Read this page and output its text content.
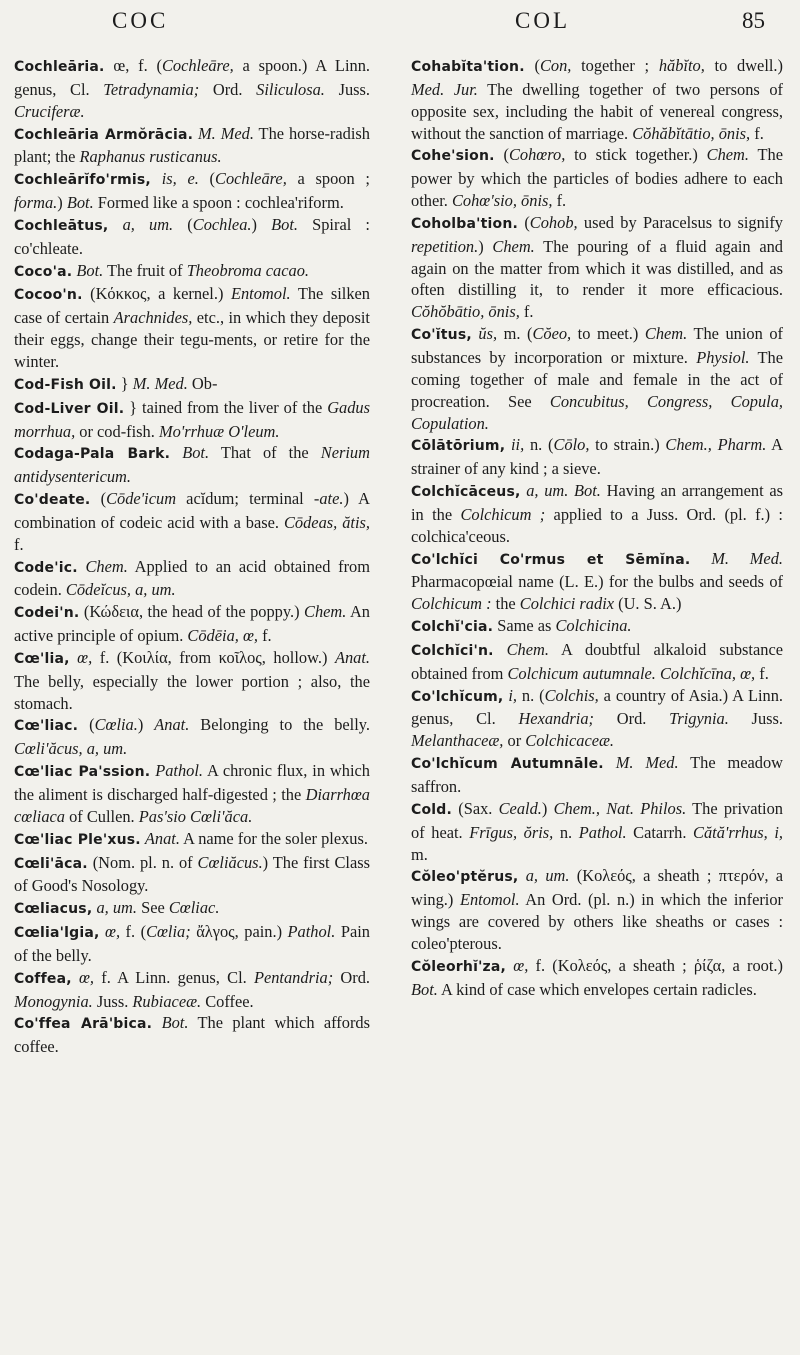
COC	COL	85

Cochleāria. œ, f. (Cochleāre, a spoon.) A Linn. genus, Cl. Tetradynamia; Ord. Siliculosa. Juss. Cruciferæ.

Cochleāria Armŏrācia. M. Med. The horse-radish plant; the Raphanus rusticanus.

Cochleārĭfo'rmis, is, e. (Cochleāre, a spoon ; forma.) Bot. Formed like a spoon : cochlea'riform.

Cochleātus, a, um. (Cochlea.) Bot. Spiral : co'chleate.

Coco'a. Bot. The fruit of Theobroma cacao.

Cocoo'n. (Κόκκος, a kernel.) Entomol. The silken case of certain Arachnides, etc., in which they deposit their eggs, change their tegu-ments, or retire for the winter.

Cod-Fish Oil. } M. Med. Ob-

Cod-Liver Oil. } tained from the liver of the Gadus morrhua, or cod-fish. Mo'rrhuæ O'leum.

Codaga-Pala Bark. Bot. That of the Nerium antidysentericum.

Co'deate. (Cōde'icum acĭdum; terminal -ate.) A combination of codeic acid with a base. Cōdeas, ătis, f.

Code'ic. Chem. Applied to an acid obtained from codein. Cōdeĭcus, a, um.

Codei'n. (Κώδεια, the head of the poppy.) Chem. An active principle of opium. Cōdēia, œ, f.

Cœ'lia, œ, f. (Κοιλία, from κοῖλος, hollow.) Anat. The belly, especially the lower portion ; also, the stomach.

Cœ'liac. (Cœlia.) Anat. Belonging to the belly. Cœli'ăcus, a, um.

Cœ'liac Pa'ssion. Pathol. A chronic flux, in which the aliment is discharged half-digested ; the Diarrhœa cœliaca of Cullen. Pas'sio Cœli'ăca.

Cœ'liac Ple'xus. Anat. A name for the soler plexus.

Cœli'āca. (Nom. pl. n. of Cœliăcus.) The first Class of Good's Nosology.

Cœliacus, a, um. See Cœliac.

Cœlia'lgia, œ, f. (Cœlia; ἄλγος, pain.) Pathol. Pain of the belly.

Coffea, œ, f. A Linn. genus, Cl. Pentandria; Ord. Monogynia. Juss. Rubiaceæ. Coffee.

Co'ffea Arā'bica. Bot. The plant which affords coffee.

Cohabĭta'tion. (Con, together ; hăbĭto, to dwell.) Med. Jur. The dwelling together of two persons of opposite sex, including the habit of venereal congress, without the sanction of marriage. Cŏhăbĭtātio, ōnis, f.

Cohe'sion. (Cohœro, to stick together.) Chem. The power by which the particles of bodies adhere to each other. Cohœ'sio, ōnis, f.

Coholba'tion. (Cohob, used by Paracelsus to signify repetition.) Chem. The pouring of a fluid again and again on the matter from which it was distilled, and as often distilling it, to render it more efficacious. Cŏhŏbātio, ōnis, f.

Co'ĭtus, ŭs, m. (Cŏeo, to meet.) Chem. The union of substances by incorporation or mixture. Physiol. The coming together of male and female in the act of procreation. See Concubitus, Congress, Copula, Copulation.

Cōlātōrium, ii, n. (Cōlo, to strain.) Chem., Pharm. A strainer of any kind ; a sieve.

Colchĭcāceus, a, um. Bot. Having an arrangement as in the Colchicum ; applied to a Juss. Ord. (pl. f.) : colchica'ceous.

Co'lchĭci Co'rmus et Sēmĭna. M. Med. Pharmacopœial name (L. E.) for the bulbs and seeds of Colchicum : the Colchici radix (U. S. A.)

Colchĭ'cia. Same as Colchicina.

Colchĭci'n. Chem. A doubtful alkaloid substance obtained from Colchicum autumnale. Colchĭcīna, œ, f.

Co'lchĭcum, i, n. (Colchis, a country of Asia.) A Linn. genus, Cl. Hexandria; Ord. Trigynia. Juss. Melanthaceæ, or Colchicaceæ.

Co'lchĭcum Autumnāle. M. Med. The meadow saffron.

Cold. (Sax. Ceald.) Chem., Nat. Philos. The privation of heat. Frīgus, ŏris, n. Pathol. Catarrh. Cătă'rrhus, i, m.

Cŏleo'ptĕrus, a, um. (Κολεός, a sheath ; πτερόν, a wing.) Entomol. An Ord. (pl. n.) in which the inferior wings are covered by others like sheaths or cases : coleo'pterous.

Cŏleorhĭ'za, œ, f. (Κολεός, a sheath ; ῥίζα, a root.) Bot. A kind of case which envelopes certain radicles.
